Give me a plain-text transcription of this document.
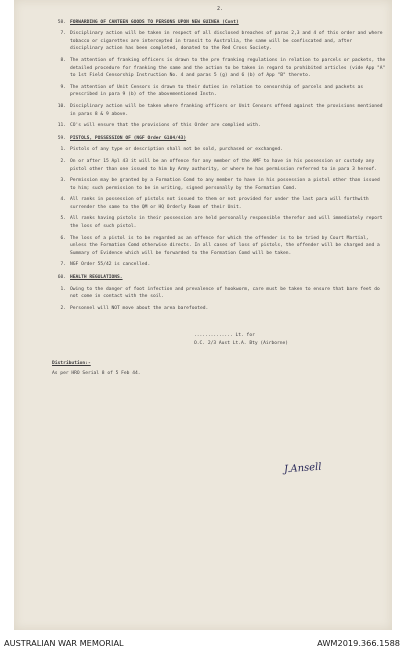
2.
58. FORWARDING OF CANTEEN GOODS TO PERSONS UPON NEW GUINEA (Cont)
7. Disciplinary action will be taken in respect of all disclosed breaches of paras 2,3 and 4 of this order and where tobacco or cigarettes are intercepted in transit to Australia, the same will be confiscated and, after disciplinary action has been completed, donated to the Red Cross Society.
8. The attention of franking officers is drawn to the pre franking regulations in relation to parcels or packets, the detailed procedure for franking the same and the action to be taken in regard to prohibited articles (vide App "A" to 1st Field Censorship Instruction No. 4 and paras 5 (g) and 6 (b) of App "B" thereto.
9. The attention of Unit Censors is drawn to their duties in relation to censorship of parcels and packets as prescribed in para 9 (b) of the abovementioned Instn.
10. Disciplinary action will be taken where franking officers or Unit Censors offend against the provisions mentioned in paras 8 & 9 above.
11. CO's will ensure that the provisions of this Order are complied with.
59. PISTOLS, POSSESSION OF (NGF Order G104/43)
1. Pistols of any type or description shall not be sold, purchased or exchanged.
2. On or after 15 Apl 43 it will be an offence for any member of the AMF to have in his possession or custody any pistol other than one issued to him by Army authority, or where he has permission referred to in para 3 hereof.
3. Permission may be granted by a Formation Comd to any member to have in his possession a pistol other than issued to him; such permission to be in writing, signed personally by the Formation Comd.
4. All ranks in possession of pistols not issued to them or not provided for under the last para will forthwith surrender the same to the QM or HQ Orderly Room of their Unit.
5. All ranks having pistols in their possession are held personally responsible therefor and will immediately report the loss of such pistol.
6. The loss of a pistol is to be regarded as an offence for which the offender is to be tried by Court Martial, unless the Formation Comd otherwise directs. In all cases of loss of pistols, the offender will be charged and a Summary of Evidence which will be forwarded to the Formation Comd will be taken.
7. NGF Order 55/42 is cancelled.
60. HEALTH REGULATIONS.
1. Owing to the danger of foot infection and prevalence of hookworm, care must be taken to ensure that bare feet do not come in contact with the soil.
2. Personnel will NOT move about the area barefooted.
.............. Lt. for
O.C. 2/3 Aust Lt.A. Bty (Airborne)
Distribution:-
As per HRO Serial 8 of 5 Feb 44.
J.Ansell
AUSTRALIAN WAR MEMORIAL	AWM2019.366.1588
